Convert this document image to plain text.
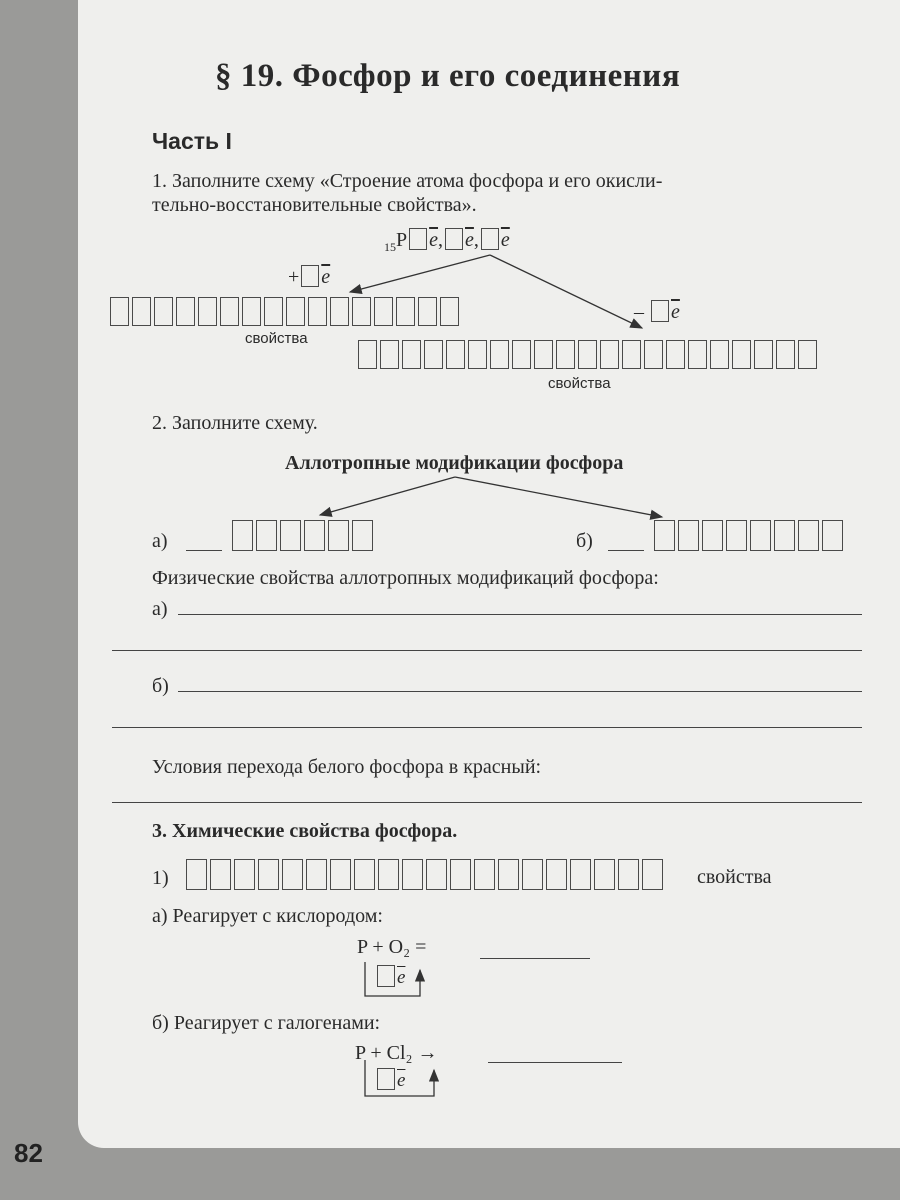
§ 19. Фосфор и его соединения
Часть I
1. Заполните схему «Строение атома фосфора и его окисли-
тельно-восстановительные свойства».
$_{15}$P $\overline{e}$, $\overline{e}$, $\overline{e}$
+ $\overline{e}$
– $\overline{e}$
свойства
свойства
2. Заполните схему.
Аллотропные модификации фосфора
а)	б)
Физические свойства аллотропных модификаций фосфора:
а)
б)
Условия перехода белого фосфора в красный:
3. Химические свойства фосфора.
1)	свойства
а) Реагирует с кислородом:
P + O₂ =
$\overline{e}$
б) Реагирует с галогенами:
P + Cl₂ →
$\overline{e}$
82
